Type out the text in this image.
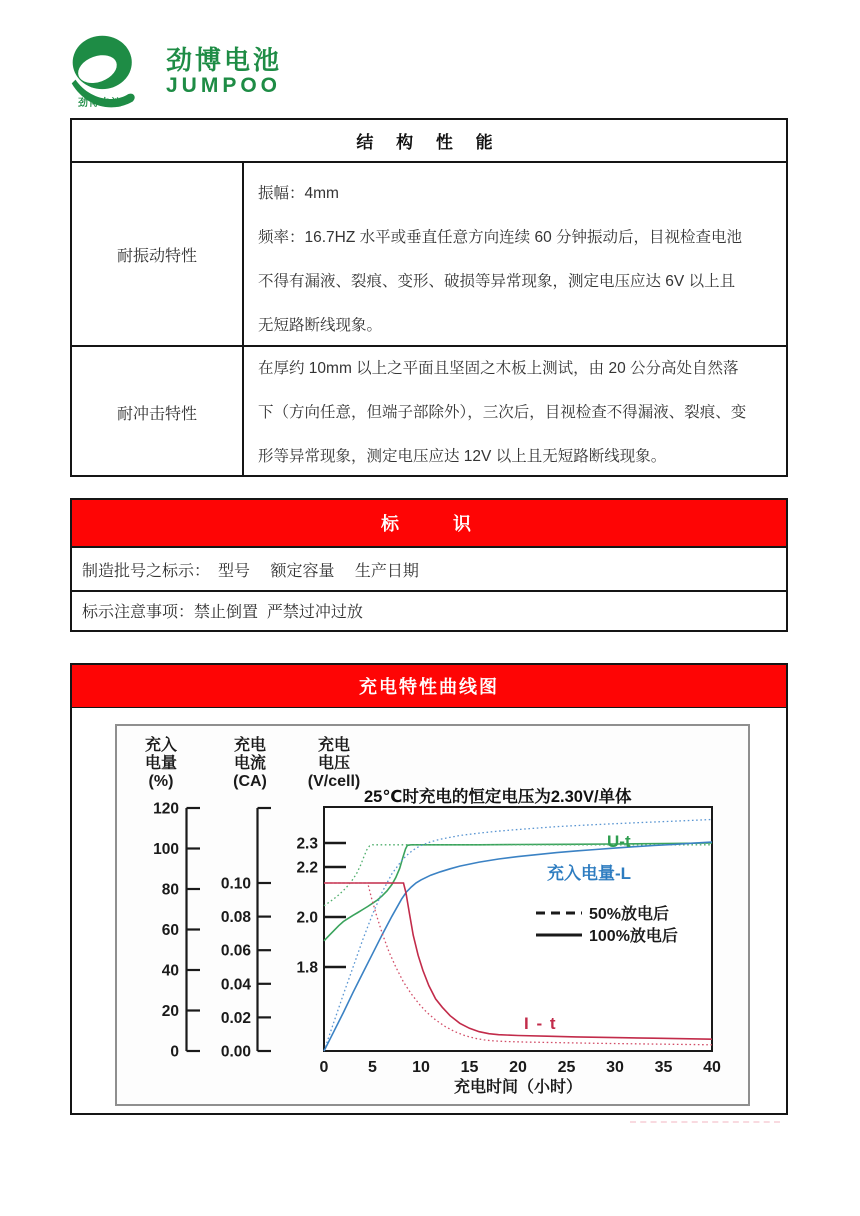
劲博电池
劲博电池
JUMPOO
结 构 性 能
耐振动特性
振幅：4mm
频率：16.7HZ 水平或垂直任意方向连续 60 分钟振动后，目视检查电池
不得有漏液、裂痕、变形、破损等异常现象，测定电压应达 6V 以上且
无短路断线现象。
耐冲击特性
在厚约 10mm 以上之平面且坚固之木板上测试，由 20 公分高处自然落
下（方向任意，但端子部除外），三次后，目视检查不得漏液、裂痕、变
形等异常现象，测定电压应达 12V 以上且无短路断线现象。
标　　识
制造批号之标示：　型号　 额定容量　 生产日期
标示注意事项：禁止倒置  严禁过冲过放
充电特性曲线图
充入
电量
(%)
充电
电流
(CA)
充电
电压
(V/cell)
120
100
80
60
40
20
0
0.10
0.08
0.06
0.04
0.02
0.00
2.3
2.2
2.0
1.8
25℃时充电的恒定电压为2.30V/单体
U-t
充入电量-L
I - t
50%放电后
100%放电后
0 5 10 15 20 25 30 35 40
充电时间（小时）
